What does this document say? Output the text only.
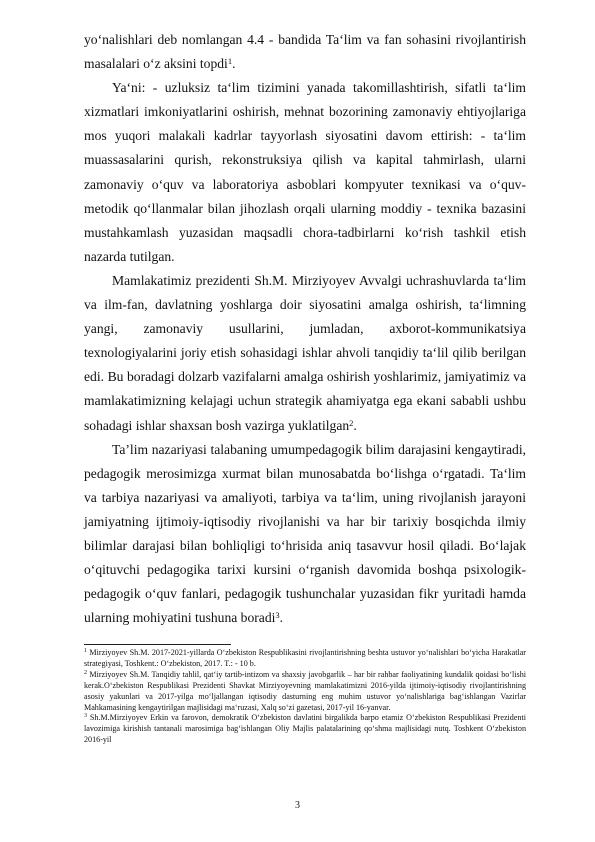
yo‘nalishlari deb nomlangan 4.4 - bandida Ta‘lim va fan sohasini rivojlantirish masalalari o‘z aksini topdi$^1$.

Ya‘ni: - uzluksiz ta‘lim tizimini yanada takomillashtirish, sifatli ta‘lim xizmatlari imkoniyatlarini oshirish, mehnat bozorining zamonaviy ehtiyojlariga mos yuqori malakali kadrlar tayyorlash siyosatini davom ettirish: - ta‘lim muassasalarini qurish, rekonstruksiya qilish va kapital tahmirlash, ularni zamonaviy o‘quv va laboratoriya asboblari kompyuter texnikasi va o‘quv-metodik qo‘llanmalar bilan jihozlash orqali ularning moddiy - texnika bazasini mustahkamlash yuzasidan maqsadli chora-tadbirlarni ko‘rish tashkil etish nazarda tutilgan.

Mamlakatimiz prezidenti Sh.M. Mirziyoyev Avvalgi uchrashuvlarda ta‘lim va ilm-fan, davlatning yoshlarga doir siyosatini amalga oshirish, ta‘limning yangi, zamonaviy usullarini, jumladan, axborot-kommunikatsiya texnologiyalarini joriy etish sohasidagi ishlar ahvoli tanqidiy ta‘lil qilib berilgan edi. Bu boradagi dolzarb vazifalarni amalga oshirish yoshlarimiz, jamiyatimiz va mamlakatimizning kelajagi uchun strategik ahamiyatga ega ekani sababli ushbu sohadagi ishlar shaxsan bosh vazirga yuklatilgan$^2$.

Ta’lim nazariyasi talabaning umumpedagogik bilim darajasini kengaytiradi, pedagogik merosimizga xurmat bilan munosabatda bo‘lishga o‘rgatadi. Ta‘lim va tarbiya nazariyasi va amaliyoti, tarbiya va ta‘lim, uning rivojlanish jarayoni jamiyatning ijtimoiy-iqtisodiy rivojlanishi va har bir tarixiy bosqichda ilmiy bilimlar darajasi bilan bohliqligi to‘hrisida aniq tasavvur hosil qiladi. Bo‘lajak o‘qituvchi pedagogika tarixi kursini o‘rganish davomida boshqa psixologik-pedagogik o‘quv fanlari, pedagogik tushunchalar yuzasidan fikr yuritadi hamda ularning mohiyatini tushuna boradi$^3$.

$^1$ Mirziyoyev Sh.M. 2017-2021-yillarda O‘zbekiston Respublikasini rivojlantirishning beshta ustuvor yo‘nalishlari bo‘yicha Harakatlar strategiyasi, Toshkent.: O‘zbekiston, 2017. T.: - 10 b.

$^2$ Mirziyoyev Sh.M. Tanqidiy tahlil, qat‘iy tartib-intizom va shaxsiy javobgarlik – har bir rahbar faoliyatining kundalik qoidasi bo‘lishi kerak.O‘zbekiston Respublikasi Prezidenti Shavkat Mirziyoyevning mamlakatimizni 2016-yilda ijtimoiy-iqtisodiy rivojlantirishning asosiy yakunlari va 2017-yilga mo‘ljallangan iqtisodiy dasturning eng muhim ustuvor yo‘nalishlariga bag‘ishlangan Vazirlar Mahkamasining kengaytirilgan majlisidagi ma‘ruzasi, Xalq so‘zi gazetasi, 2017-yil 16-yanvar.

$^3$ Sh.M.Mirziyoyev Erkin va farovon, demokratik O‘zbekiston davlatini birgalikda barpo etamiz O‘zbekiston Respublikasi Prezidenti lavozimiga kirishish tantanali marosimiga bag‘ishlangan Oliy Majlis palatalarining qo‘shma majlisidagi nutq. Toshkent O‘zbekiston 2016-yil

3
